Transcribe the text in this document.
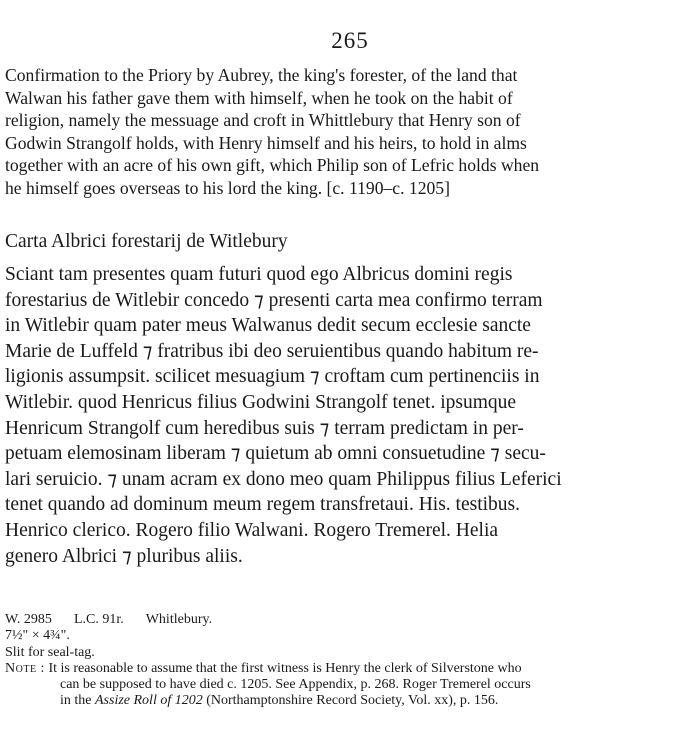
265
Confirmation to the Priory by Aubrey, the king's forester, of the land that
Walwan his father gave them with himself, when he took on the habit of
religion, namely the messuage and croft in Whittlebury that Henry son of
Godwin Strangolf holds, with Henry himself and his heirs, to hold in alms
together with an acre of his own gift, which Philip son of Lefric holds when
he himself goes overseas to his lord the king. [c. 1190–c. 1205]
Carta Albrici forestarij de Witlebury
Sciant tam presentes quam futuri quod ego Albricus domini regis
forestarius de Witlebir concedo ⁊ presenti carta mea confirmo terram
in Witlebir quam pater meus Walwanus dedit secum ecclesie sancte
Marie de Luffeld ⁊ fratribus ibi deo seruientibus quando habitum re-
ligionis assumpsit. scilicet mesuagium ⁊ croftam cum pertinenciis in
Witlebir. quod Henricus filius Godwini Strangolf tenet. ipsumque
Henricum Strangolf cum heredibus suis ⁊ terram predictam in per-
petuam elemosinam liberam ⁊ quietum ab omni consuetudine ⁊ secu-
lari seruicio. ⁊ unam acram ex dono meo quam Philippus filius Leferici
tenet quando ad dominum meum regem transfretaui. His. testibus.
Henrico clerico. Rogero filio Walwani. Rogero Tremerel. Helia
genero Albrici ⁊ pluribus aliis.
W. 2985 L.C. 91r. Whitlebury.
7½" × 4¾".
Slit for seal-tag.
Note : It is reasonable to assume that the first witness is Henry the clerk of Silverstone who
can be supposed to have died c. 1205. See Appendix, p. 268. Roger Tremerel occurs
in the Assize Roll of 1202 (Northamptonshire Record Society, Vol. xx), p. 156.
